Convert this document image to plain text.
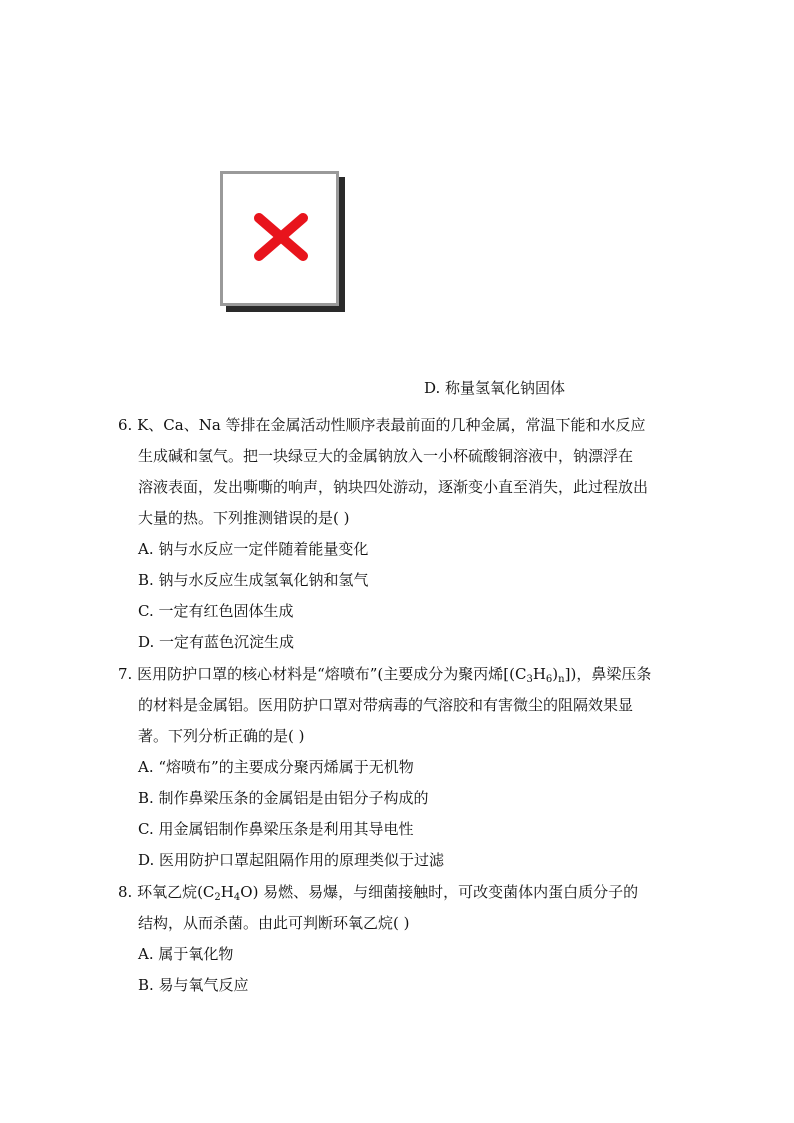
D. 称量氢氧化钠固体
6. K、Ca、Na 等排在金属活动性顺序表最前面的几种金属，常温下能和水反应
生成碱和氢气。把一块绿豆大的金属钠放入一小杯硫酸铜溶液中，钠漂浮在
溶液表面，发出嘶嘶的响声，钠块四处游动，逐渐变小直至消失，此过程放出
大量的热。下列推测错误的是( )
A. 钠与水反应一定伴随着能量变化
B. 钠与水反应生成氢氧化钠和氢气
C. 一定有红色固体生成
D. 一定有蓝色沉淀生成
7. 医用防护口罩的核心材料是“熔喷布”(主要成分为聚丙烯$[(C_3H_6)_n]$)，鼻梁压条
的材料是金属铝。医用防护口罩对带病毒的气溶胶和有害微尘的阻隔效果显
著。下列分析正确的是( )
A. “熔喷布”的主要成分聚丙烯属于无机物
B. 制作鼻梁压条的金属铝是由铝分子构成的
C. 用金属铝制作鼻梁压条是利用其导电性
D. 医用防护口罩起阻隔作用的原理类似于过滤
8. 环氧乙烷$(C_2H_4O)$ 易燃、易爆，与细菌接触时，可改变菌体内蛋白质分子的
结构，从而杀菌。由此可判断环氧乙烷( )
A. 属于氧化物
B. 易与氧气反应
